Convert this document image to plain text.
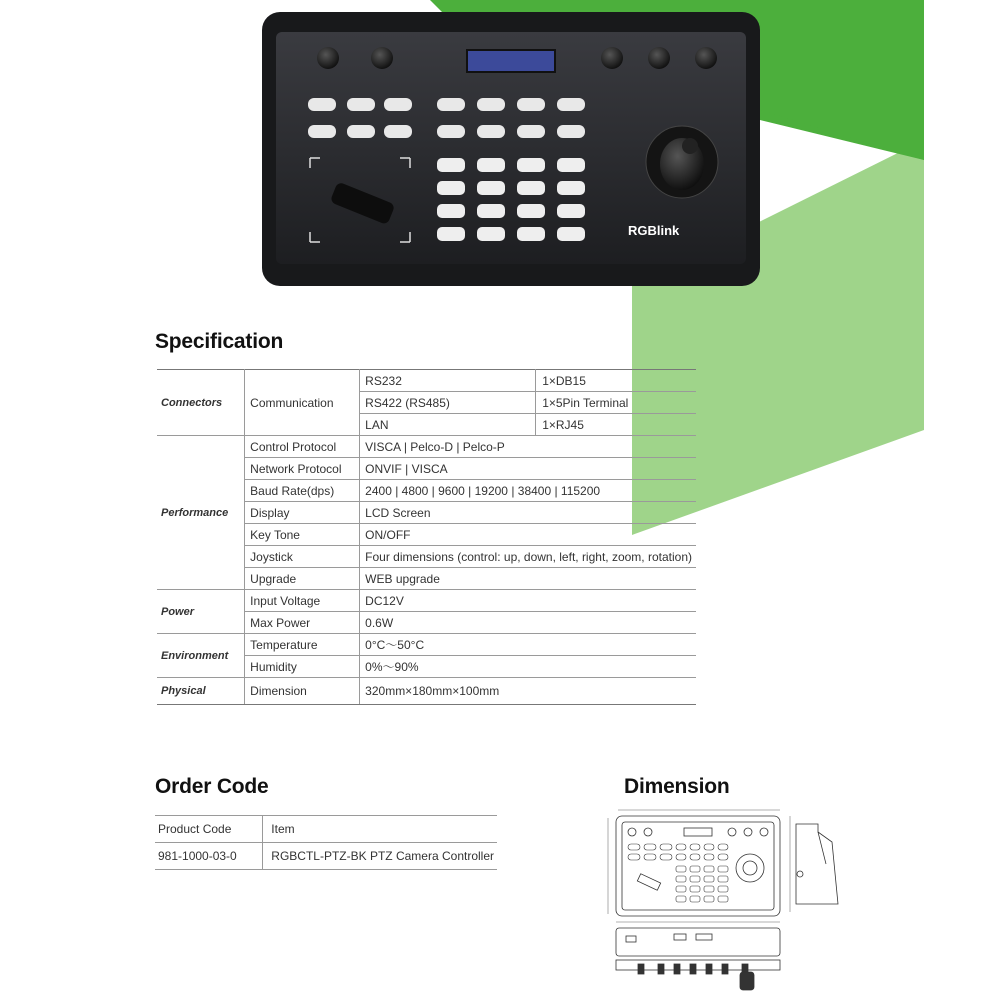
RGBlink
Specification
Connectors	Communication	RS232	1×DB15
		RS422 (RS485)	1×5Pin Terminal
		LAN	1×RJ45
Performance	Control Protocol	VISCA | Pelco-D | Pelco-P	
	Network Protocol	ONVIF | VISCA	
	Baud Rate(dps)	2400 | 4800 | 9600 | 19200 | 38400 | 115200	
	Display	LCD Screen	
	Key Tone	ON/OFF	
	Joystick	Four dimensions (control: up, down, left, right, zoom, rotation)	
	Upgrade	WEB upgrade	
Power	Input Voltage	DC12V	
	Max Power	0.6W	
Environment	Temperature	0°C～50°C	
	Humidity	0%～90%	
Physical	Dimension	320mm×180mm×100mm	
Order Code
Product Code	Item
981-1000-03-0	RGBCTL-PTZ-BK PTZ Camera Controller
Dimension
